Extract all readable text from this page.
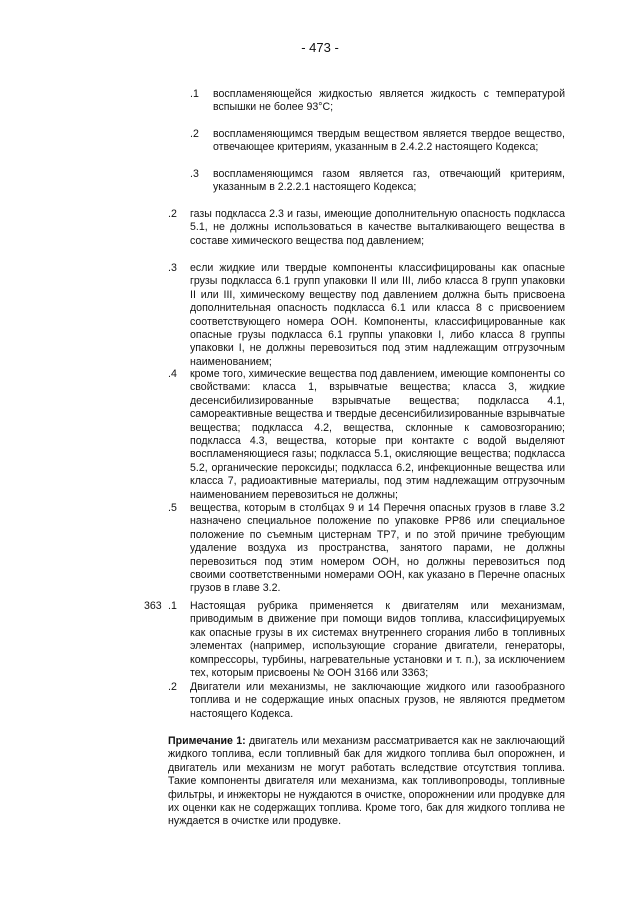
- 473 -
.1 воспламеняющейся жидкостью является жидкость с температурой вспышки не более 93°C;
.2 воспламеняющимся твердым веществом является твердое вещество, отвечающее критериям, указанным в 2.4.2.2 настоящего Кодекса;
.3 воспламеняющимся газом является газ, отвечающий критериям, указанным в 2.2.2.1 настоящего Кодекса;
.2 газы подкласса 2.3 и газы, имеющие дополнительную опасность подкласса 5.1, не должны использоваться в качестве выталкивающего вещества в составе химического вещества под давлением;
.3 если жидкие или твердые компоненты классифицированы как опасные грузы подкласса 6.1 групп упаковки II или III, либо класса 8 групп упаковки II или III, химическому веществу под давлением должна быть присвоена дополнительная опасность подкласса 6.1 или класса 8 с присвоением соответствующего номера ООН. Компоненты, классифицированные как опасные грузы подкласса 6.1 группы упаковки I, либо класса 8 группы упаковки I, не должны перевозиться под этим надлежащим отгрузочным наименованием;
.4 кроме того, химические вещества под давлением, имеющие компоненты со свойствами: класса 1, взрывчатые вещества; класса 3, жидкие десенсибилизированные взрывчатые вещества; подкласса 4.1, самореактивные вещества и твердые десенсибилизированные взрывчатые вещества; подкласса 4.2, вещества, склонные к самовозгоранию; подкласса 4.3, вещества, которые при контакте с водой выделяют воспламеняющиеся газы; подкласса 5.1, окисляющие вещества; подкласса 5.2, органические пероксиды; подкласса 6.2, инфекционные вещества или класса 7, радиоактивные материалы, под этим надлежащим отгрузочным наименованием перевозиться не должны;
.5 вещества, которым в столбцах 9 и 14 Перечня опасных грузов в главе 3.2 назначено специальное положение по упаковке PP86 или специальное положение по съемным цистернам TP7, и по этой причине требующим удаление воздуха из пространства, занятого парами, не должны перевозиться под этим номером ООН, но должны перевозиться под своими соответственными номерами ООН, как указано в Перечне опасных грузов в главе 3.2.
363 .1 Настоящая рубрика применяется к двигателям или механизмам, приводимым в движение при помощи видов топлива, классифицируемых как опасные грузы в их системах внутреннего сгорания либо в топливных элементах (например, использующие сгорание двигатели, генераторы, компрессоры, турбины, нагревательные установки и т. п.), за исключением тех, которым присвоены № ООН 3166 или 3363;
.2 Двигатели или механизмы, не заключающие жидкого или газообразного топлива и не содержащие иных опасных грузов, не являются предметом настоящего Кодекса.
Примечание 1: двигатель или механизм рассматривается как не заключающий жидкого топлива, если топливный бак для жидкого топлива был опорожнен, и двигатель или механизм не могут работать вследствие отсутствия топлива. Такие компоненты двигателя или механизма, как топливопроводы, топливные фильтры, и инжекторы не нуждаются в очистке, опорожнении или продувке для их оценки как не содержащих топлива. Кроме того, бак для жидкого топлива не нуждается в очистке или продувке.
